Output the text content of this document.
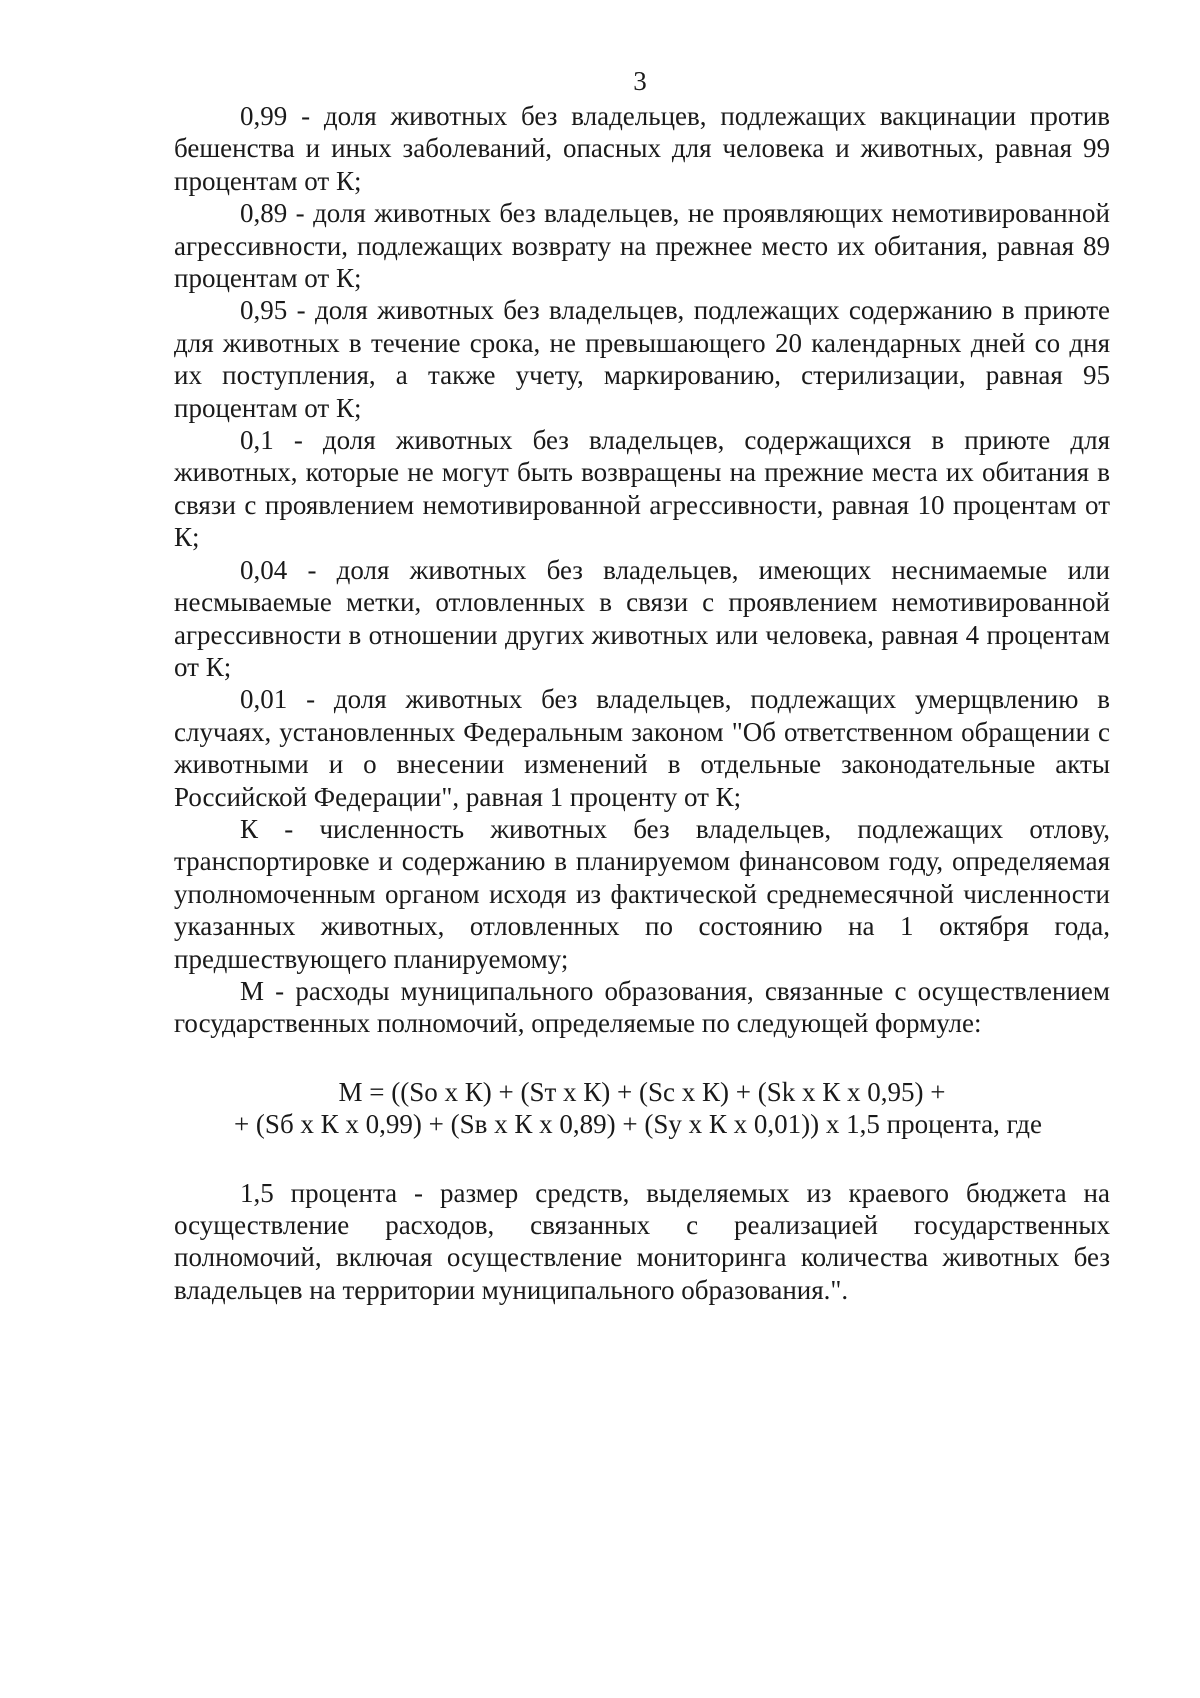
3

0,99 - доля животных без владельцев, подлежащих вакцинации против бешенства и иных заболеваний, опасных для человека и животных, равная 99 процентам от К;

0,89 - доля животных без владельцев, не проявляющих немотивированной агрессивности, подлежащих возврату на прежнее место их обитания, равная 89 процентам от К;

0,95 - доля животных без владельцев, подлежащих содержанию в приюте для животных в течение срока, не превышающего 20 календарных дней со дня их поступления, а также учету, маркированию, стерилизации, равная 95 процентам от К;

0,1 - доля животных без владельцев, содержащихся в приюте для животных, которые не могут быть возвращены на прежние места их обитания в связи с проявлением немотивированной агрессивности, равная 10 процентам от К;

0,04 - доля животных без владельцев, имеющих неснимаемые или несмываемые метки, отловленных в связи с проявлением немотивированной агрессивности в отношении других животных или человека, равная 4 процентам от К;

0,01 - доля животных без владельцев, подлежащих умерщвлению в случаях, установленных Федеральным законом "Об ответственном обращении с животными и о внесении изменений в отдельные законодательные акты Российской Федерации", равная 1 проценту от К;

К - численность животных без владельцев, подлежащих отлову, транспортировке и содержанию в планируемом финансовом году, определяемая уполномоченным органом исходя из фактической среднемесячной численности указанных животных, отловленных по состоянию на 1 октября года, предшествующего планируемому;

М - расходы муниципального образования, связанные с осуществлением государственных полномочий, определяемые по следующей формуле:

М = ((Sо x К) + (Sт x К) + (Sс x К) + (Sk x К x 0,95) +
+ (Sб x К x 0,99) + (Sв x К x 0,89) + (Sу x К x 0,01)) x 1,5 процента, где

1,5 процента - размер средств, выделяемых из краевого бюджета на осуществление расходов, связанных с реализацией государственных полномочий, включая осуществление мониторинга количества животных без владельцев на территории муниципального образования.".
